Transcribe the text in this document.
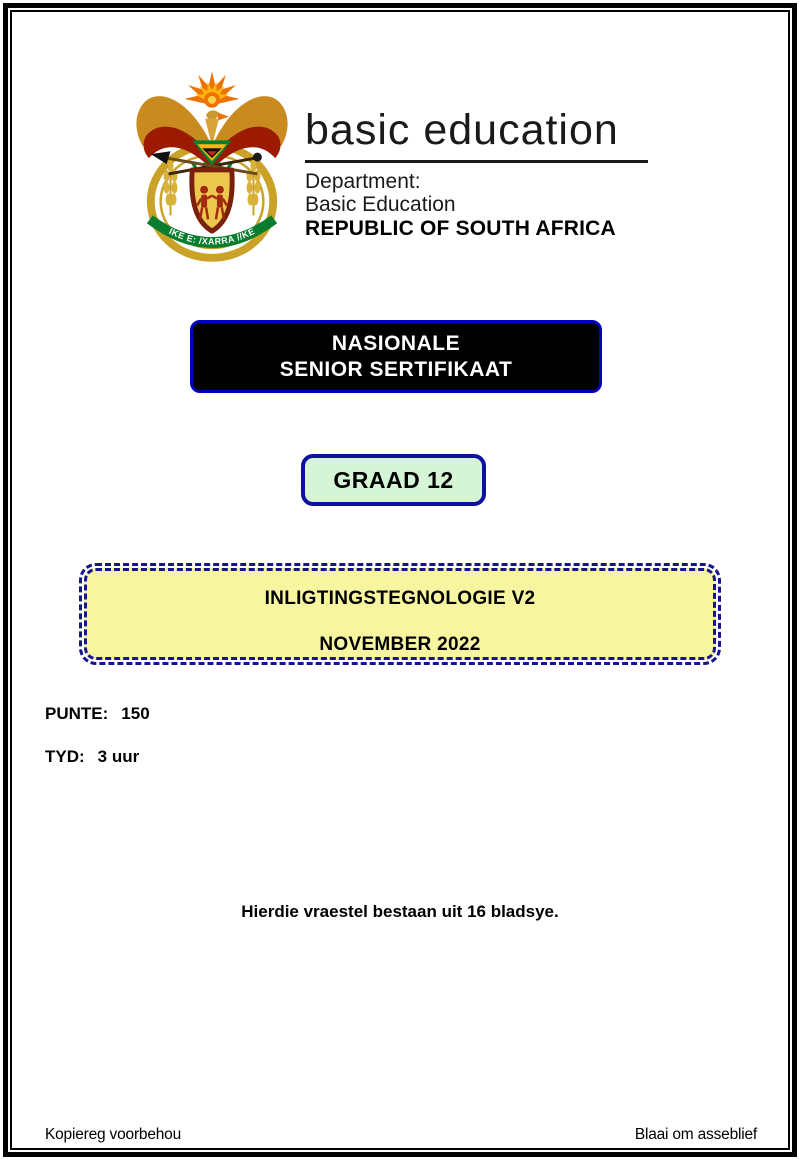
IKE E: /XARRA //KE
basic education
Department:
Basic Education
REPUBLIC OF SOUTH AFRICA
NASIONALE
SENIOR SERTIFIKAAT
GRAAD 12
INLIGTINGSTEGNOLOGIE V2
NOVEMBER 2022
PUNTE: 150
TYD: 3 uur
Hierdie vraestel bestaan uit 16 bladsye.
Kopiereg voorbehou	Blaai om asseblief
